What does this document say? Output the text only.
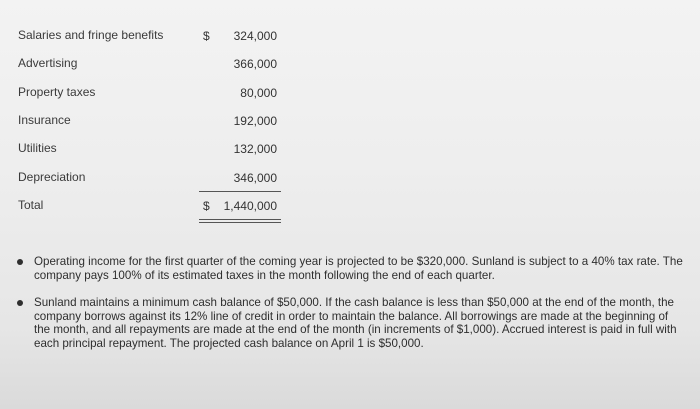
Salaries and fringe benefits	$ 324,000
Advertising	366,000
Property taxes	80,000
Insurance	192,000
Utilities	132,000
Depreciation	346,000
Total	$ 1,440,000
Operating income for the first quarter of the coming year is projected to be $320,000. Sunland is subject to a 40% tax rate. The company pays 100% of its estimated taxes in the month following the end of each quarter.
Sunland maintains a minimum cash balance of $50,000. If the cash balance is less than $50,000 at the end of the month, the company borrows against its 12% line of credit in order to maintain the balance. All borrowings are made at the beginning of the month, and all repayments are made at the end of the month (in increments of $1,000). Accrued interest is paid in full with each principal repayment. The projected cash balance on April 1 is $50,000.
